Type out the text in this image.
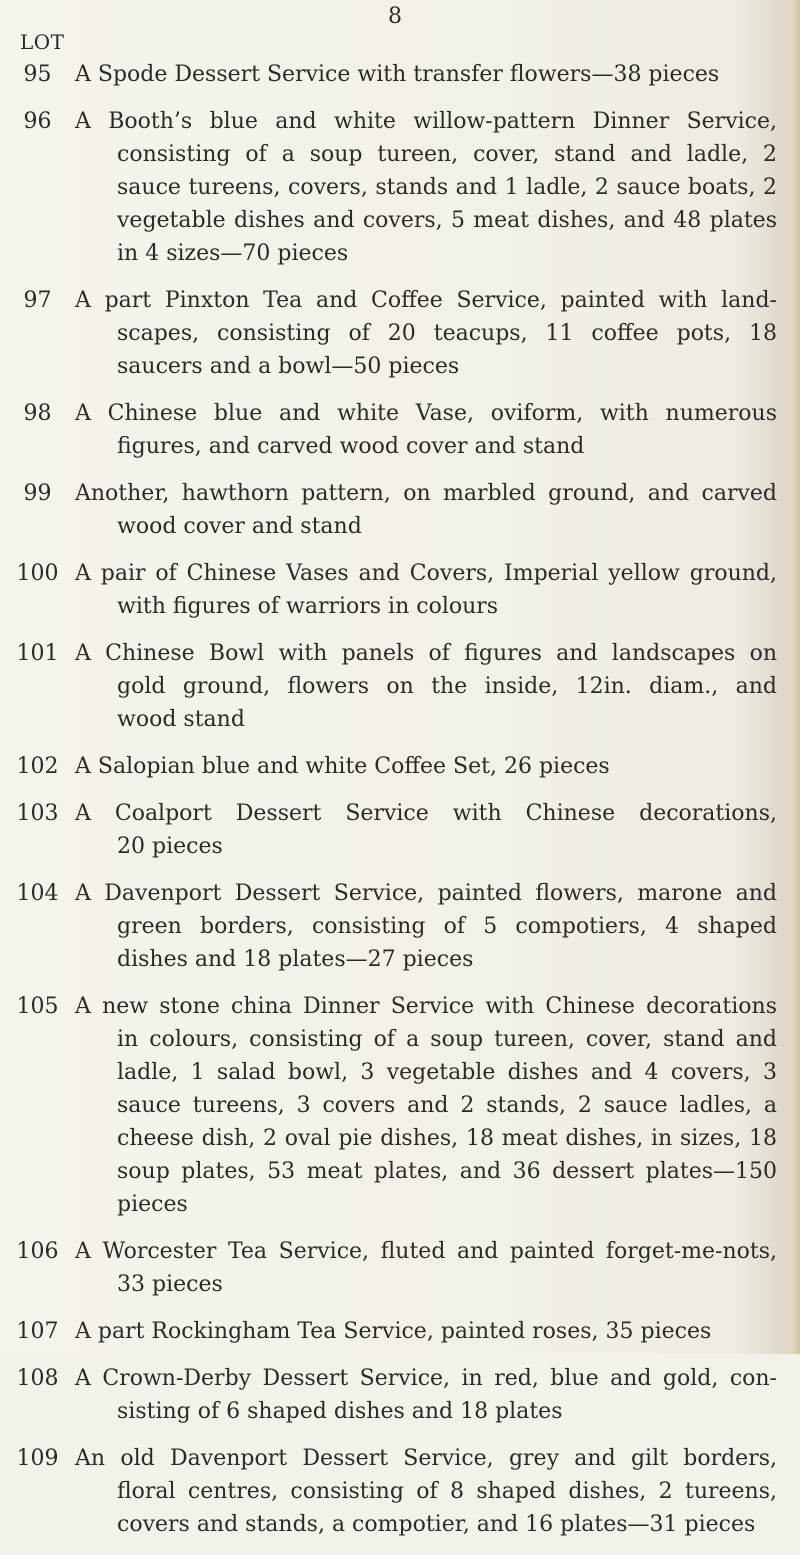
8
LOT
95	A Spode Dessert Service with transfer flowers—38 pieces
96	A Booth’s blue and white willow-pattern Dinner Service,
consisting of a soup tureen, cover, stand and ladle, 2
sauce tureens, covers, stands and 1 ladle, 2 sauce boats, 2
vegetable dishes and covers, 5 meat dishes, and 48 plates
in 4 sizes—70 pieces
97	A part Pinxton Tea and Coffee Service, painted with land-
scapes, consisting of 20 teacups, 11 coffee pots, 18
saucers and a bowl—50 pieces
98	A Chinese blue and white Vase, oviform, with numerous
figures, and carved wood cover and stand
99	Another, hawthorn pattern, on marbled ground, and carved
wood cover and stand
100 A pair of Chinese Vases and Covers, Imperial yellow ground,
with figures of warriors in colours
101 A Chinese Bowl with panels of figures and landscapes on
gold ground, flowers on the inside, 12in. diam., and
wood stand
102 A Salopian blue and white Coffee Set, 26 pieces
103 A Coalport Dessert Service with Chinese decorations,
20 pieces
104 A Davenport Dessert Service, painted flowers, marone and
green borders, consisting of 5 compotiers, 4 shaped
dishes and 18 plates—27 pieces
105 A new stone china Dinner Service with Chinese decorations
in colours, consisting of a soup tureen, cover, stand and
ladle, 1 salad bowl, 3 vegetable dishes and 4 covers, 3
sauce tureens, 3 covers and 2 stands, 2 sauce ladles, a
cheese dish, 2 oval pie dishes, 18 meat dishes, in sizes, 18
soup plates, 53 meat plates, and 36 dessert plates—150
pieces
106 A Worcester Tea Service, fluted and painted forget-me-nots,
33 pieces
107 A part Rockingham Tea Service, painted roses, 35 pieces
108 A Crown-Derby Dessert Service, in red, blue and gold, con-
sisting of 6 shaped dishes and 18 plates
109 An old Davenport Dessert Service, grey and gilt borders,
floral centres, consisting of 8 shaped dishes, 2 tureens,
covers and stands, a compotier, and 16 plates—31 pieces
